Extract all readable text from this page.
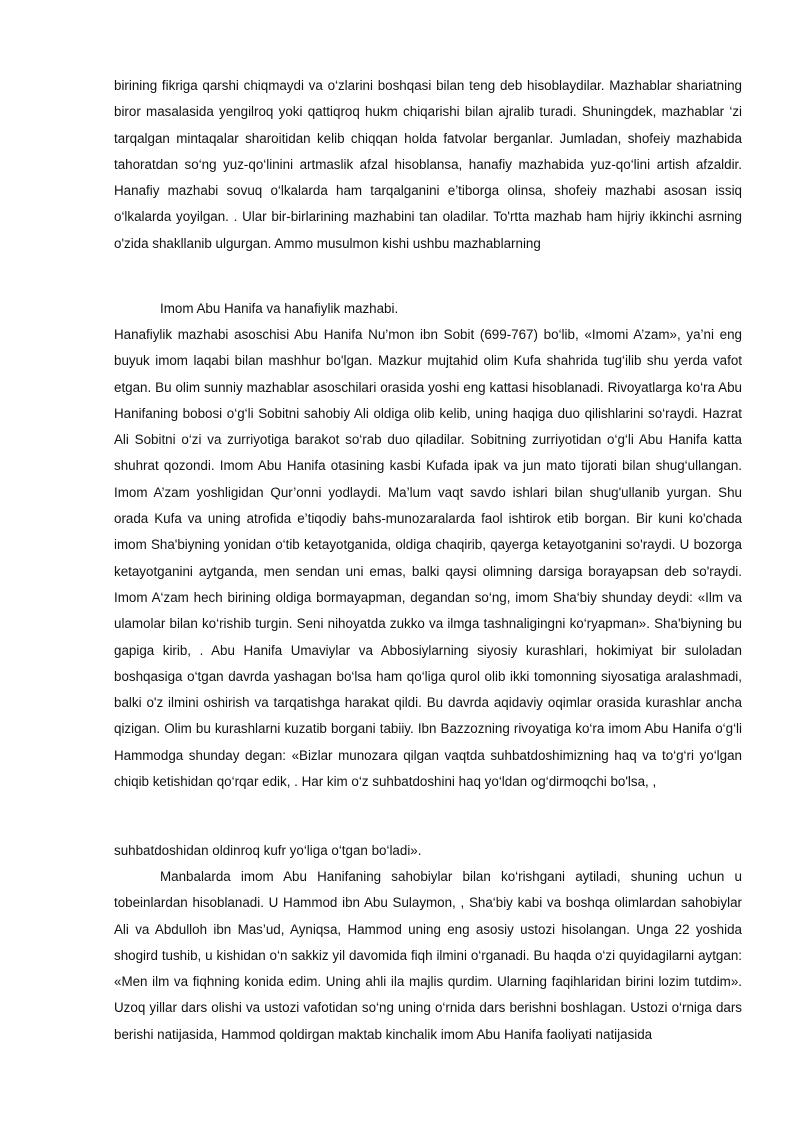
birining fikriga qarshi chiqmaydi va o‘zlarini boshqasi bilan teng deb hisoblaydilar. Mazhablar shariatning biror masalasida yengilroq yoki qattiqroq hukm chiqarishi bilan ajralib turadi. Shuningdek, mazhablar ‘zi tarqalgan mintaqalar sharoitidan kelib chiqqan holda fatvolar berganlar. Jumladan, shofeiy mazhabida tahoratdan so‘ng yuz-qo‘linini artmaslik afzal hisoblansa, hanafiy mazhabida yuz-qo‘lini artish afzaldir. Hanafiy mazhabi sovuq o‘lkalarda ham tarqalganini e’tiborga olinsa, shofeiy mazhabi asosan issiq o‘lkalarda yoyilgan. . Ular bir-birlarining mazhabini tan oladilar. To'rtta mazhab ham hijriy ikkinchi asrning o'zida shakllanib ulgurgan. Ammo musulmon kishi ushbu mazhablarning

Imom Abu Hanifa va hanafiylik mazhabi.

Hanafiylik mazhabi asoschisi Abu Hanifa Nu’mon ibn Sobit (699-767) bo‘lib, «Imomi A’zam», ya’ni eng buyuk imom laqabi bilan mashhur bo'lgan. Mazkur mujtahid olim Kufa shahrida tug‘ilib shu yerda vafot etgan. Bu olim sunniy mazhablar asoschilari orasida yoshi eng kattasi hisoblanadi. Rivoyatlarga ko‘ra Abu Hanifaning bobosi o‘g‘li Sobitni sahobiy Ali oldiga olib kelib, uning haqiga duo qilishlarini so‘raydi. Hazrat Ali Sobitni o‘zi va zurriyotiga barakot so‘rab duo qiladilar. Sobitning zurriyotidan o‘g‘li Abu Hanifa katta shuhrat qozondi. Imom Abu Hanifa otasining kasbi Kufada ipak va jun mato tijorati bilan shug‘ullangan. Imom A’zam yoshligidan Qur’onni yodlaydi. Ma’lum vaqt savdo ishlari bilan shug'ullanib yurgan. Shu orada Kufa va uning atrofida e’tiqodiy bahs-munozaralarda faol ishtirok etib borgan. Bir kuni ko'chada imom Sha'biyning yonidan o‘tib ketayotganida, oldiga chaqirib, qayerga ketayotganini so'raydi. U bozorga ketayotganini aytganda, men sendan uni emas, balki qaysi olimning darsiga borayapsan deb so'raydi. Imom A‘zam hech birining oldiga bormayapman, degandan so‘ng, imom Sha‘biy shunday deydi: «Ilm va ulamolar bilan ko‘rishib turgin. Seni nihoyatda zukko va ilmga tashnaligingni ko‘ryapman». Sha'biyning bu gapiga kirib, . Abu Hanifa Umaviylar va Abbosiylarning siyosiy kurashlari, hokimiyat bir suloladan boshqasiga o‘tgan davrda yashagan bo‘lsa ham qo‘liga qurol olib ikki tomonning siyosatiga aralashmadi, balki o'z ilmini oshirish va tarqatishga harakat qildi. Bu davrda aqidaviy oqimlar orasida kurashlar ancha qizigan. Olim bu kurashlarni kuzatib borgani tabiiy. Ibn Bazzozning rivoyatiga ko‘ra imom Abu Hanifa o‘g‘li Hammodga shunday degan: «Bizlar munozara qilgan vaqtda suhbatdoshimizning haq va to‘g‘ri yo‘lgan chiqib ketishidan qo‘rqar edik, . Har kim o‘z suhbatdoshini haq yo‘ldan og‘dirmoqchi bo'lsa, ,

suhbatdoshidan oldinroq kufr yo‘liga o‘tgan bo‘ladi».

Manbalarda imom Abu Hanifaning sahobiylar bilan ko‘rishgani aytiladi, shuning uchun u tobeinlardan hisoblanadi. U Hammod ibn Abu Sulaymon, , Sha‘biy kabi va boshqa olimlardan sahobiylar Ali va Abdulloh ibn Mas’ud, Ayniqsa, Hammod uning eng asosiy ustozi hisolangan. Unga 22 yoshida shogird tushib, u kishidan o‘n sakkiz yil davomida fiqh ilmini o‘rganadi. Bu haqda o‘zi quyidagilarni aytgan: «Men ilm va fiqhning konida edim. Uning ahli ila majlis qurdim. Ularning faqihlaridan birini lozim tutdim». Uzoq yillar dars olishi va ustozi vafotidan so‘ng uning o‘rnida dars berishni boshlagan. Ustozi o‘rniga dars berishi natijasida, Hammod qoldirgan maktab kinchalik imom Abu Hanifa faoliyati natijasida
